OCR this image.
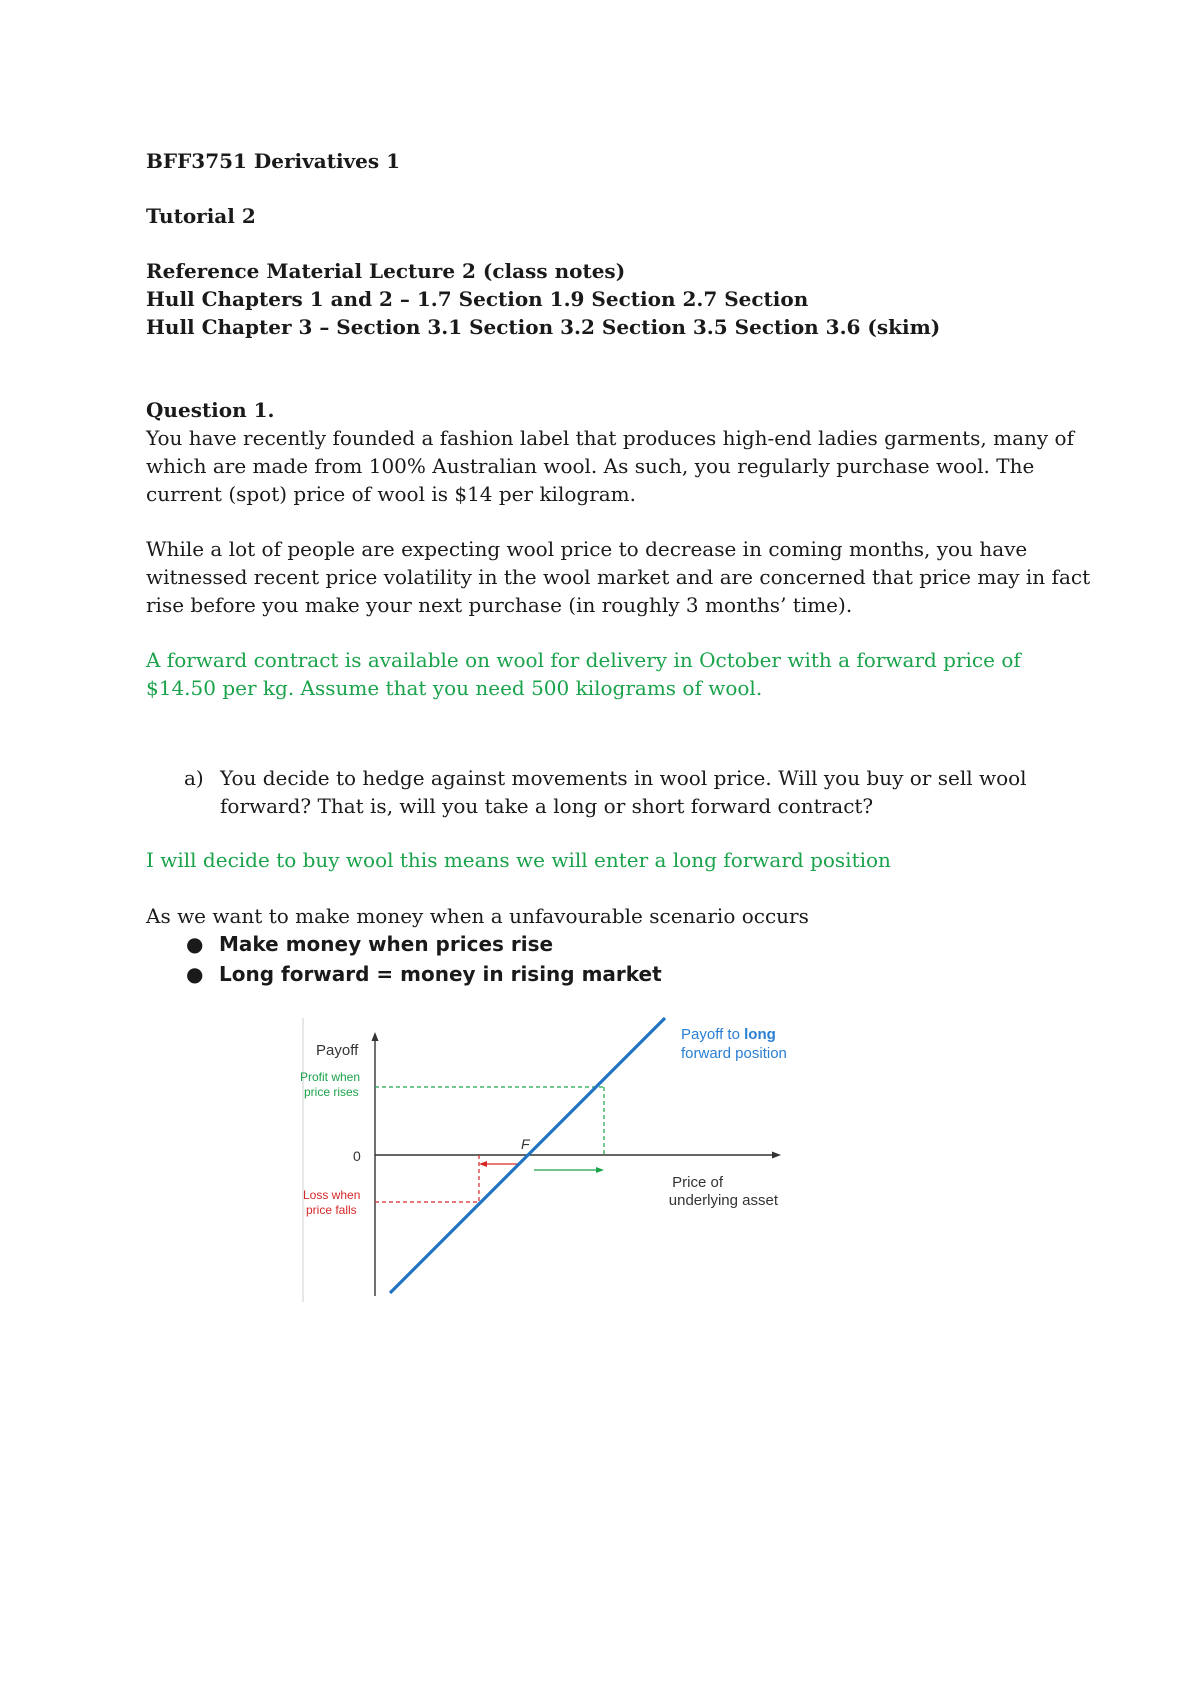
BFF3751 Derivatives 1
Tutorial 2
Reference Material Lecture 2 (class notes)
Hull Chapters 1 and 2 – 1.7 Section 1.9 Section 2.7 Section
Hull Chapter 3 – Section 3.1 Section 3.2 Section 3.5 Section 3.6 (skim)
Question 1.
You have recently founded a fashion label that produces high-end ladies garments, many of
which are made from 100% Australian wool. As such, you regularly purchase wool. The
current (spot) price of wool is $14 per kilogram.
While a lot of people are expecting wool price to decrease in coming months, you have
witnessed recent price volatility in the wool market and are concerned that price may in fact
rise before you make your next purchase (in roughly 3 months’ time).
A forward contract is available on wool for delivery in October with a forward price of
$14.50 per kg. Assume that you need 500 kilograms of wool.
a) You decide to hedge against movements in wool price. Will you buy or sell wool
forward? That is, will you take a long or short forward contract?
I will decide to buy wool this means we will enter a long forward position
As we want to make money when a unfavourable scenario occurs
● Make money when prices rise
● Long forward = money in rising market
Payoff
0
Profit when
price rises
Loss when
price falls
F
Price of
underlying asset
Payoff to long
forward position
